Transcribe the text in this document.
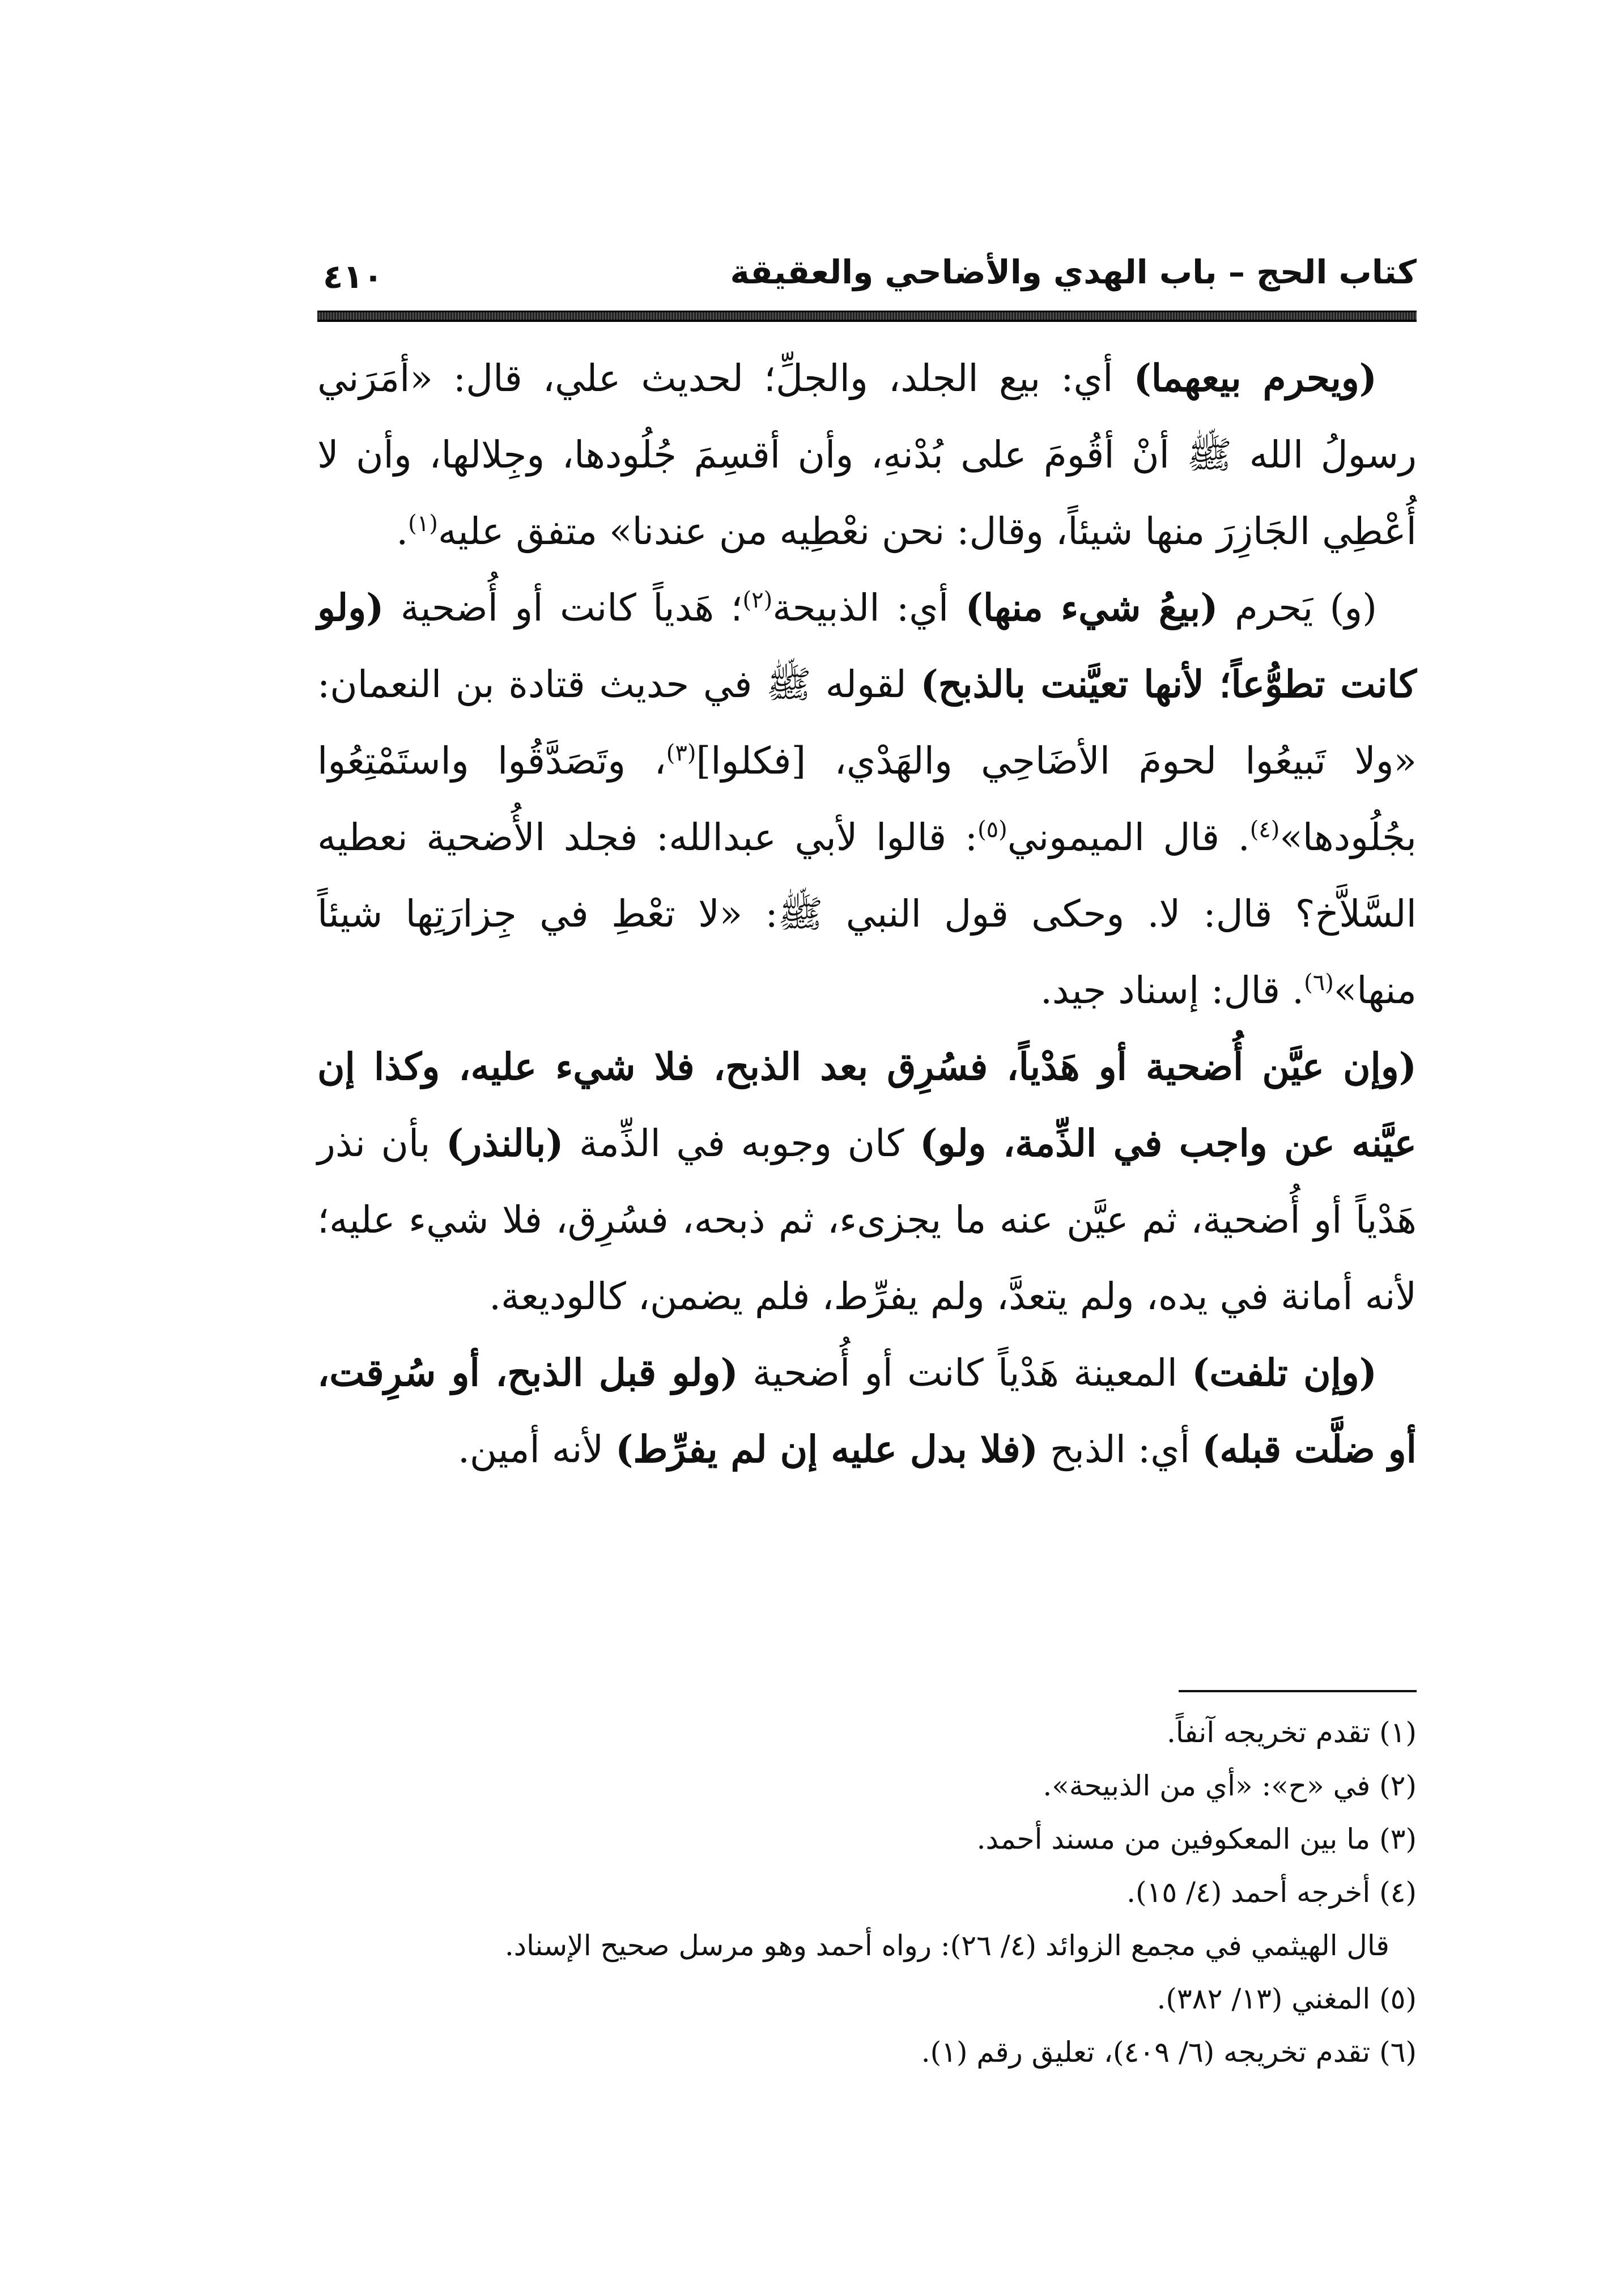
كتاب الحج – باب الهدي والأضاحي والعقيقة
٤١٠

(ويحرم بيعهما) أي: بيع الجلد، والجلِّ؛ لحديث علي، قال: «أمَرَني رسولُ الله ﷺ أنْ أقُومَ على بُدْنهِ، وأن أقسِمَ جُلُودها، وجِلالها، وأن لا أُعْطِي الجَازِرَ منها شيئاً، وقال: نحن نعْطِيه من عندنا» متفق عليه$^{(١)}$.

(و) يَحرم (بيعُ شيء منها) أي: الذبيحة$^{(٢)}$؛ هَدياً كانت أو أُضحية (ولو كانت تطوُّعاً؛ لأنها تعيَّنت بالذبح) لقوله ﷺ في حديث قتادة بن النعمان: «ولا تَبيعُوا لحومَ الأضَاحِي والهَدْي، [فكلوا]$^{(٣)}$، وتَصَدَّقُوا واستَمْتِعُوا بجُلُودها»$^{(٤)}$. قال الميموني$^{(٥)}$: قالوا لأبي عبدالله: فجلد الأُضحية نعطيه السَّلاَّخ؟ قال: لا. وحكى قول النبي ﷺ: «لا تعْطِ في جِزارَتِها شيئاً منها»$^{(٦)}$. قال: إسناد جيد.

(وإن عيَّن أُضحية أو هَدْياً، فسُرِق بعد الذبح، فلا شيء عليه، وكذا إن عيَّنه عن واجب في الذِّمة، ولو) كان وجوبه في الذِّمة (بالنذر) بأن نذر هَدْياً أو أُضحية، ثم عيَّن عنه ما يجزىء، ثم ذبحه، فسُرِق، فلا شيء عليه؛ لأنه أمانة في يده، ولم يتعدَّ، ولم يفرِّط، فلم يضمن، كالوديعة.

(وإن تلفت) المعينة هَدْياً كانت أو أُضحية (ولو قبل الذبح، أو سُرِقت، أو ضلَّت قبله) أي: الذبح (فلا بدل عليه إن لم يفرِّط) لأنه أمين.

(١) تقدم تخريجه آنفاً.

(٢) في «ح»: «أي من الذبيحة».

(٣) ما بين المعكوفين من مسند أحمد.

(٤) أخرجه أحمد (٤/ ١٥).

قال الهيثمي في مجمع الزوائد (٤/ ٢٦): رواه أحمد وهو مرسل صحيح الإسناد.

(٥) المغني (١٣/ ٣٨٢).

(٦) تقدم تخريجه (٦/ ٤٠٩)، تعليق رقم (١).
